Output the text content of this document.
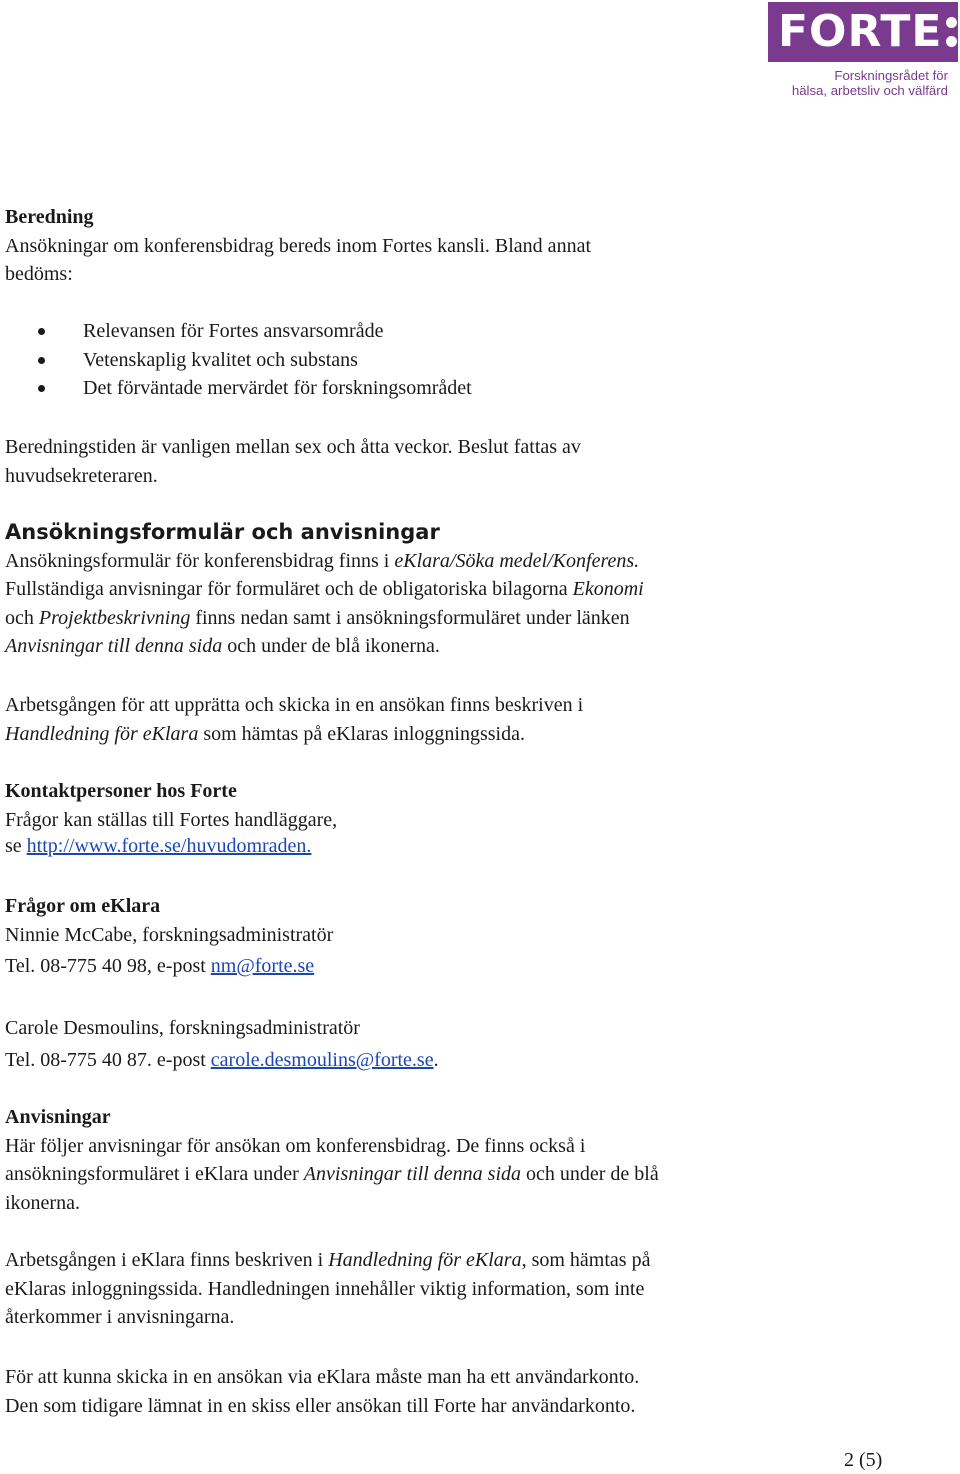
FORTE
Forskningsrådet för
hälsa, arbetsliv och välfärd
Beredning
Ansökningar om konferensbidrag bereds inom Fortes kansli. Bland annat
bedöms:
Relevansen för Fortes ansvarsområde
Vetenskaplig kvalitet och substans
Det förväntade mervärdet för forskningsområdet
Beredningstiden är vanligen mellan sex och åtta veckor. Beslut fattas av
huvudsekreteraren.
Ansökningsformulär och anvisningar
Ansökningsformulär för konferensbidrag finns i eKlara/Söka medel/Konferens.
Fullständiga anvisningar för formuläret och de obligatoriska bilagorna Ekonomi
och Projektbeskrivning finns nedan samt i ansökningsformuläret under länken
Anvisningar till denna sida och under de blå ikonerna.
Arbetsgången för att upprätta och skicka in en ansökan finns beskriven i
Handledning för eKlara som hämtas på eKlaras inloggningssida.
Kontaktpersoner hos Forte
Frågor kan ställas till Fortes handläggare,
se http://www.forte.se/huvudomraden.
Frågor om eKlara
Ninnie McCabe, forskningsadministratör
Tel. 08-775 40 98, e-post nm@forte.se
Carole Desmoulins, forskningsadministratör
Tel. 08-775 40 87. e-post carole.desmoulins@forte.se.
Anvisningar
Här följer anvisningar för ansökan om konferensbidrag. De finns också i
ansökningsformuläret i eKlara under Anvisningar till denna sida och under de blå
ikonerna.
Arbetsgången i eKlara finns beskriven i Handledning för eKlara, som hämtas på
eKlaras inloggningssida. Handledningen innehåller viktig information, som inte
återkommer i anvisningarna.
För att kunna skicka in en ansökan via eKlara måste man ha ett användarkonto.
Den som tidigare lämnat in en skiss eller ansökan till Forte har användarkonto.
2 (5)
